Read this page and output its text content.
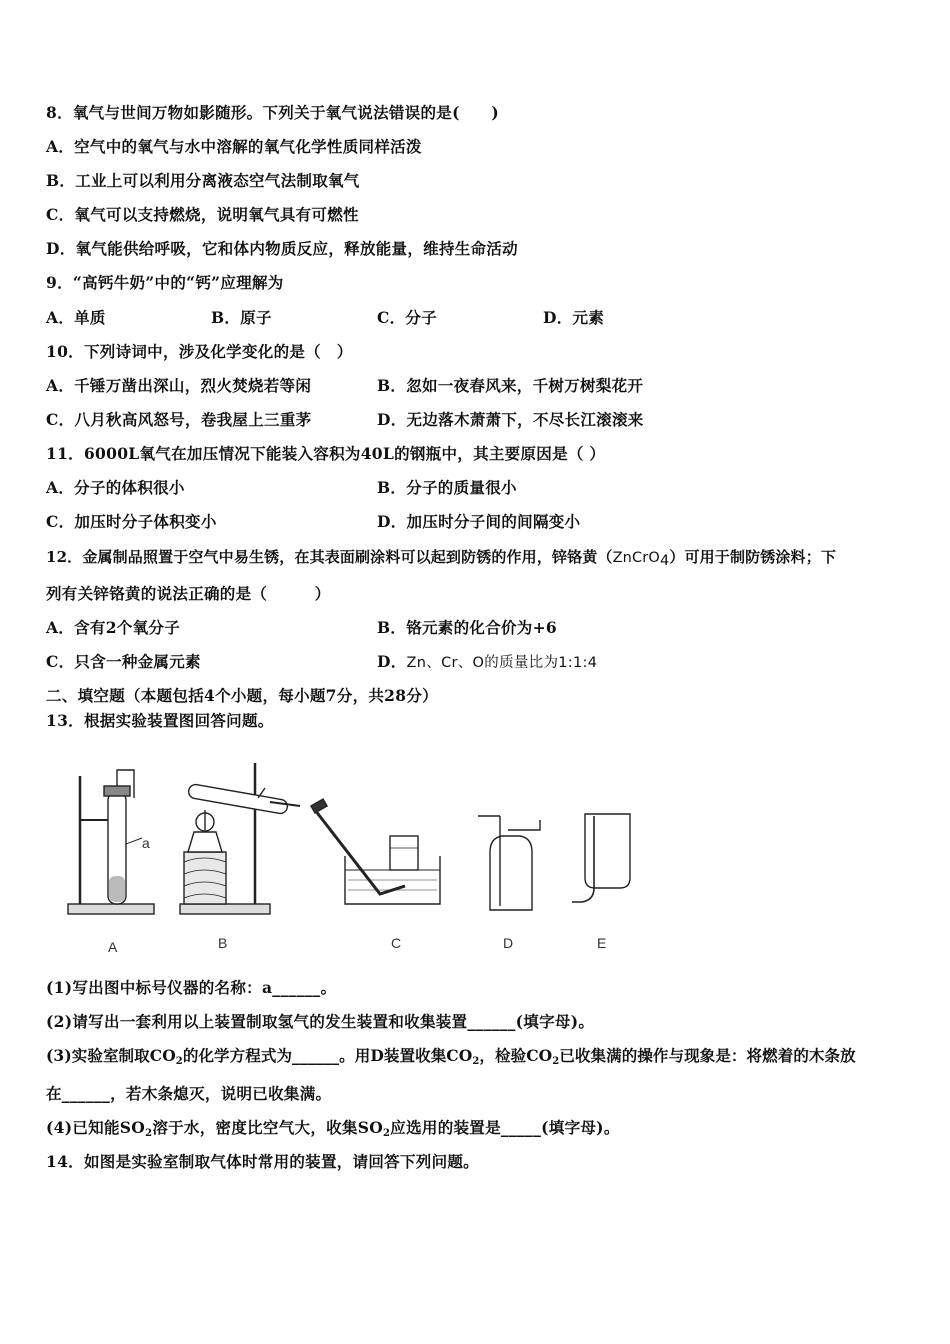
8．氧气与世间万物如影随形。下列关于氧气说法错误的是(　　)
A．空气中的氧气与水中溶解的氧气化学性质同样活泼
B．工业上可以利用分离液态空气法制取氧气
C．氧气可以支持燃烧，说明氧气具有可燃性
D．氧气能供给呼吸，它和体内物质反应，释放能量，维持生命活动
9．“高钙牛奶”中的“钙”应理解为
A．单质	B．原子	C．分子	D．元素
10．下列诗词中，涉及化学变化的是（　）
A．千锤万凿出深山，烈火焚烧若等闲	B．忽如一夜春风来，千树万树梨花开
C．八月秋高风怒号，卷我屋上三重茅	D．无边落木萧萧下，不尽长江滚滚来
11．6000L氧气在加压情况下能装入容积为40L的钢瓶中，其主要原因是（ ）
A．分子的体积很小	B．分子的质量很小
C．加压时分子体积变小	D．加压时分子间的间隔变小
12．金属制品照置于空气中易生锈，在其表面刷涂料可以起到防锈的作用，锌铬黄（ZnCrO$_4$）可用于制防锈涂料；下
列有关锌铬黄的说法正确的是（　　　）
A．含有2个氧分子	B．铬元素的化合价为+6
C．只含一种金属元素	D．Zn、Cr、O的质量比为1:1:4
二、填空题（本题包括4个小题，每小题7分，共28分）
13．根据实验装置图回答问题。
a
A	B	C	D	E
(1)写出图中标号仪器的名称：a______。
(2)请写出一套利用以上装置制取氢气的发生装置和收集装置______(填字母)。
(3)实验室制取$CO_2$的化学方程式为______。用D装置收集$CO_2$，检验$CO_2$已收集满的操作与现象是：将燃着的木条放
在______，若木条熄灭，说明已收集满。
(4)已知能$SO_2$溶于水，密度比空气大，收集$SO_2$应选用的装置是_____(填字母)。
14．如图是实验室制取气体时常用的装置，请回答下列问题。
